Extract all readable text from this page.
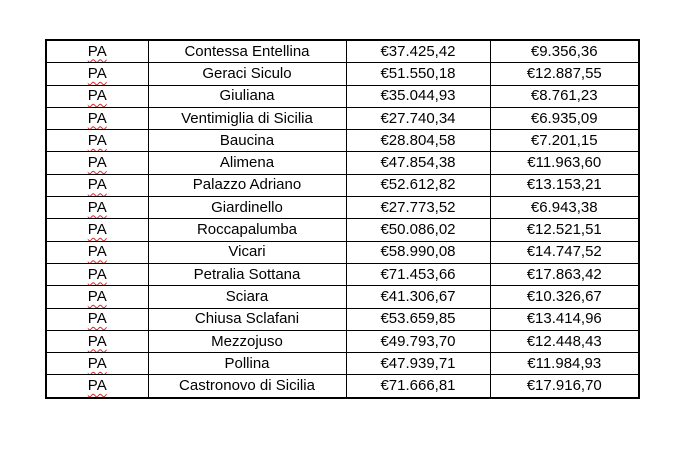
PA	Contessa Entellina	€37.425,42	€9.356,36
PA	Geraci Siculo	€51.550,18	€12.887,55
PA	Giuliana	€35.044,93	€8.761,23
PA	Ventimiglia di Sicilia	€27.740,34	€6.935,09
PA	Baucina	€28.804,58	€7.201,15
PA	Alimena	€47.854,38	€11.963,60
PA	Palazzo Adriano	€52.612,82	€13.153,21
PA	Giardinello	€27.773,52	€6.943,38
PA	Roccapalumba	€50.086,02	€12.521,51
PA	Vicari	€58.990,08	€14.747,52
PA	Petralia Sottana	€71.453,66	€17.863,42
PA	Sciara	€41.306,67	€10.326,67
PA	Chiusa Sclafani	€53.659,85	€13.414,96
PA	Mezzojuso	€49.793,70	€12.448,43
PA	Pollina	€47.939,71	€11.984,93
PA	Castronovo di Sicilia	€71.666,81	€17.916,70
